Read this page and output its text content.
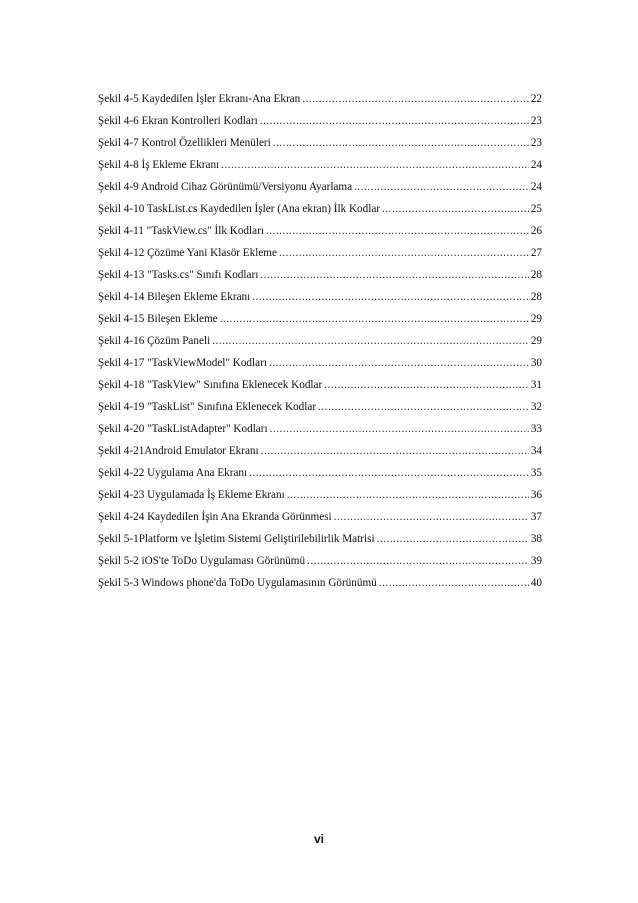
Şekil 4-5 Kaydedilen İşler Ekranı-Ana Ekran .....	22
Şekil 4-6 Ekran Kontrolleri Kodları .....	23
Şekil 4-7 Kontrol Özellikleri Menüleri .....	23
Şekil 4-8 İş Ekleme Ekranı .....	24
Şekil 4-9 Android Cihaz Görünümü/Versiyonu Ayarlama .....	24
Şekil 4-10 TaskList.cs Kaydedilen İşler (Ana ekran) İlk Kodlar .....	25
Şekil 4-11 "TaskView.cs" İlk Kodları .....	26
Şekil 4-12 Çözüme Yani Klasör Ekleme .....	27
Şekil 4-13 "Tasks.cs" Sınıfı Kodları .....	28
Şekil 4-14 Bileşen Ekleme Ekranı .....	28
Şekil 4-15 Bileşen Ekleme .....	29
Şekil 4-16 Çözüm Paneli .....	29
Şekil 4-17 "TaskViewModel" Kodları .....	30
Şekil 4-18 "TaskView" Sınıfına Eklenecek Kodlar .....	31
Şekil 4-19 "TaskList" Sınıfına Eklenecek Kodlar .....	32
Şekil 4-20 "TaskListAdapter" Kodları .....	33
Şekil 4-21Android Emulator Ekranı .....	34
Şekil 4-22 Uygulama Ana Ekranı .....	35
Şekil 4-23 Uygulamada İş Ekleme Ekranı .....	36
Şekil 4-24 Kaydedilen İşin Ana Ekranda Görünmesi .....	37
Şekil 5-1Platform ve İşletim Sistemi Geliştirilebilirlik Matrisi .....	38
Şekil 5-2 iOS'te ToDo Uygulaması Görünümü .....	39
Şekil 5-3 Windows phone'da ToDo Uygulamasının Görünümü .....	40
vi
